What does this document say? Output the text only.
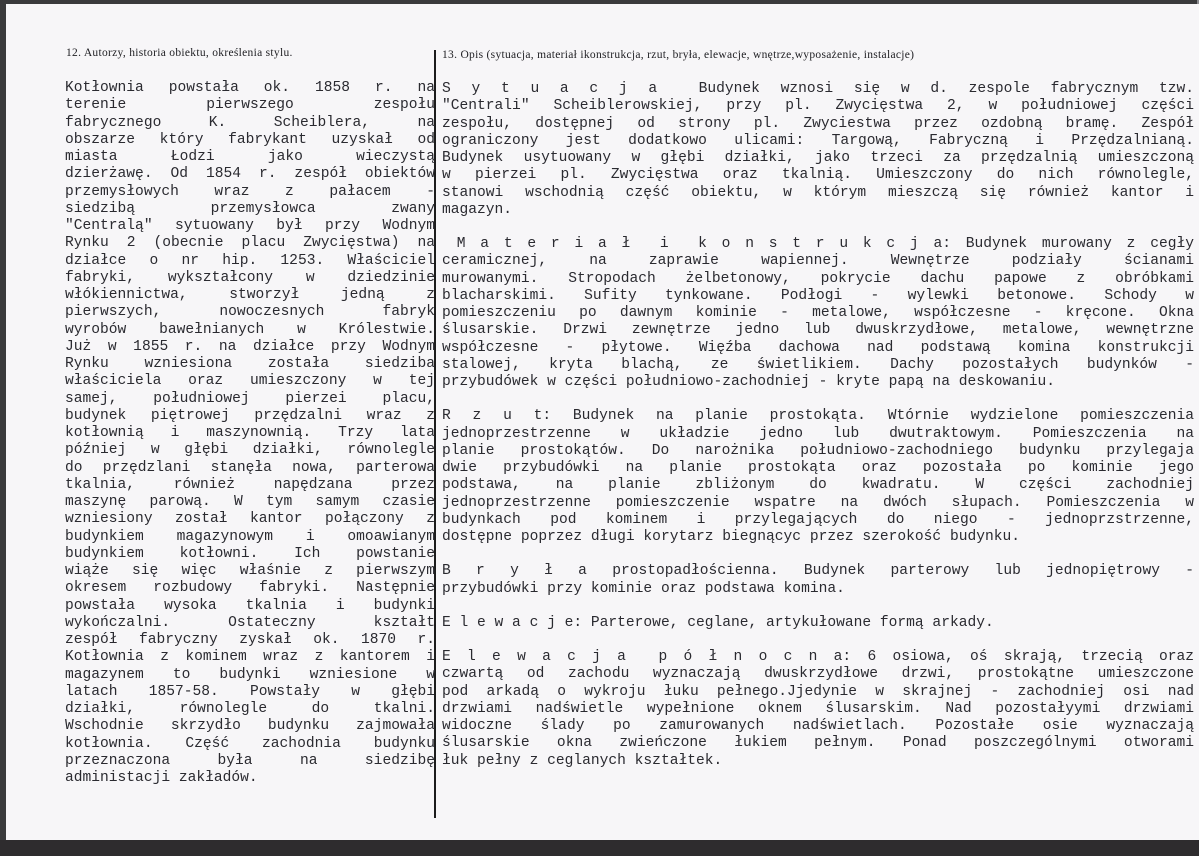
12. Autorzy, historia obiektu, określenia stylu.	13. Opis (sytuacja, materiał ikonstrukcja, rzut, bryła, elewacje, wnętrze,wyposażenie, instalacje)
Kotłownia powstała ok. 1858 r. na
terenie pierwszego zespołu
fabrycznego K. Scheiblera, na
obszarze który fabrykant uzyskał od
miasta Łodzi jako wieczystą
dzierżawę. Od 1854 r. zespół obiektów
przemysłowych wraz z pałacem -
siedzibą przemysłowca zwany
"Centralą" sytuowany był przy Wodnym
Rynku 2 (obecnie placu Zwycięstwa) na
działce o nr hip. 1253. Właściciel
fabryki, wykształcony w dziedzinie
włókiennictwa, stworzył jedną z
pierwszych, nowoczesnych fabryk
wyrobów bawełnianych w Królestwie.
Już w 1855 r. na działce przy Wodnym
Rynku wzniesiona została siedziba
właściciela oraz umieszczony w tej
samej, południowej pierzei placu,
budynek piętrowej przędzalni wraz z
kotłownią i maszynownią. Trzy lata
później w głębi działki, równolegle
do przędzlani stanęła nowa, parterowa
tkalnia, również napędzana przez
maszynę parową. W tym samym czasie
wzniesiony został kantor połączony z
budynkiem magazynowym i omoawianym
budynkiem kotłowni. Ich powstanie
wiąże się więc właśnie z pierwszym
okresem rozbudowy fabryki. Następnie
powstała wysoka tkalnia i budynki
wykończalni. Ostateczny kształt
zespół fabryczny zyskał ok. 1870 r.
Kotłownia z kominem wraz z kantorem i
magazynem to budynki wzniesione w
latach 1857-58. Powstały w głębi
działki, równolegle do tkalni.
Wschodnie skrzydło budynku zajmowała
kotłownia. Część zachodnia budynku
przeznaczona była na siedzibę
administacji zakładów.
S y t u a c j a  Budynek wznosi się w d. zespole fabrycznym tzw.
"Centrali" Scheiblerowskiej, przy pl. Zwycięstwa 2, w południowej części
zespołu, dostępnej od strony pl. Zwyciestwa przez ozdobną bramę. Zespół
ograniczony jest dodatkowo ulicami: Targową, Fabryczną i Przędzalnianą.
Budynek usytuowany w głębi działki, jako trzeci za przędzalnią umieszczoną
w pierzei pl. Zwycięstwa oraz tkalnią. Umieszczony do nich równolegle,
stanowi wschodnią część obiektu, w którym mieszczą się również kantor i
magazyn.
M a t e r i a ł  i  k o n s t r u k c j a: Budynek murowany z cegły
ceramicznej, na zaprawie wapiennej. Wewnętrze podziały ścianami
murowanymi. Stropodach żelbetonowy, pokrycie dachu papowe z obróbkami
blacharskimi. Sufity tynkowane. Podłogi - wylewki betonowe. Schody w
pomieszczeniu po dawnym kominie - metalowe, współczesne - kręcone. Okna
ślusarskie. Drzwi zewnętrze jedno lub dwuskrzydłowe, metalowe, wewnętrzne
współczesne - płytowe. Więźba dachowa nad podstawą komina konstrukcji
stalowej, kryta blachą, ze świetlikiem. Dachy pozostałych budynków -
przybudówek w części południowo-zachodniej - kryte papą na deskowaniu.
R z u t: Budynek na planie prostokąta. Wtórnie wydzielone pomieszczenia
jednoprzestrzenne w układzie jedno lub dwutraktowym. Pomieszczenia na
planie prostokątów. Do narożnika południowo-zachodniego budynku przylegaja
dwie przybudówki na planie prostokąta oraz pozostała po kominie jego
podstawa, na planie zbliżonym do kwadratu. W części zachodniej
jednoprzestrzenne pomieszczenie wspatre na dwóch słupach. Pomieszczenia w
budynkach pod kominem i przylegających do niego - jednoprzstrzenne,
dostępne poprzez długi korytarz biegnącyc przez szerokość budynku.
B r y ł a prostopadłościenna. Budynek parterowy lub jednopiętrowy -
przybudówki przy kominie oraz podstawa komina.
E l e w a c j e: Parterowe, ceglane, artykułowane formą arkady.
E l e w a c j a  p ó ł n o c n a: 6 osiowa, oś skrają, trzecią oraz
czwartą od zachodu wyznaczają dwuskrzydłowe drzwi, prostokątne umieszczone
pod arkadą o wykroju łuku pełnego.Jjedynie w skrajnej - zachodniej osi nad
drzwiami nadświetle wypełnione oknem ślusarskim. Nad pozostałyymi drzwiami
widoczne ślady po zamurowanych nadświetlach. Pozostałe osie wyznaczają
ślusarskie okna zwieńczone łukiem pełnym. Ponad poszczególnymi otworami
łuk pełny z ceglanych kształtek.
